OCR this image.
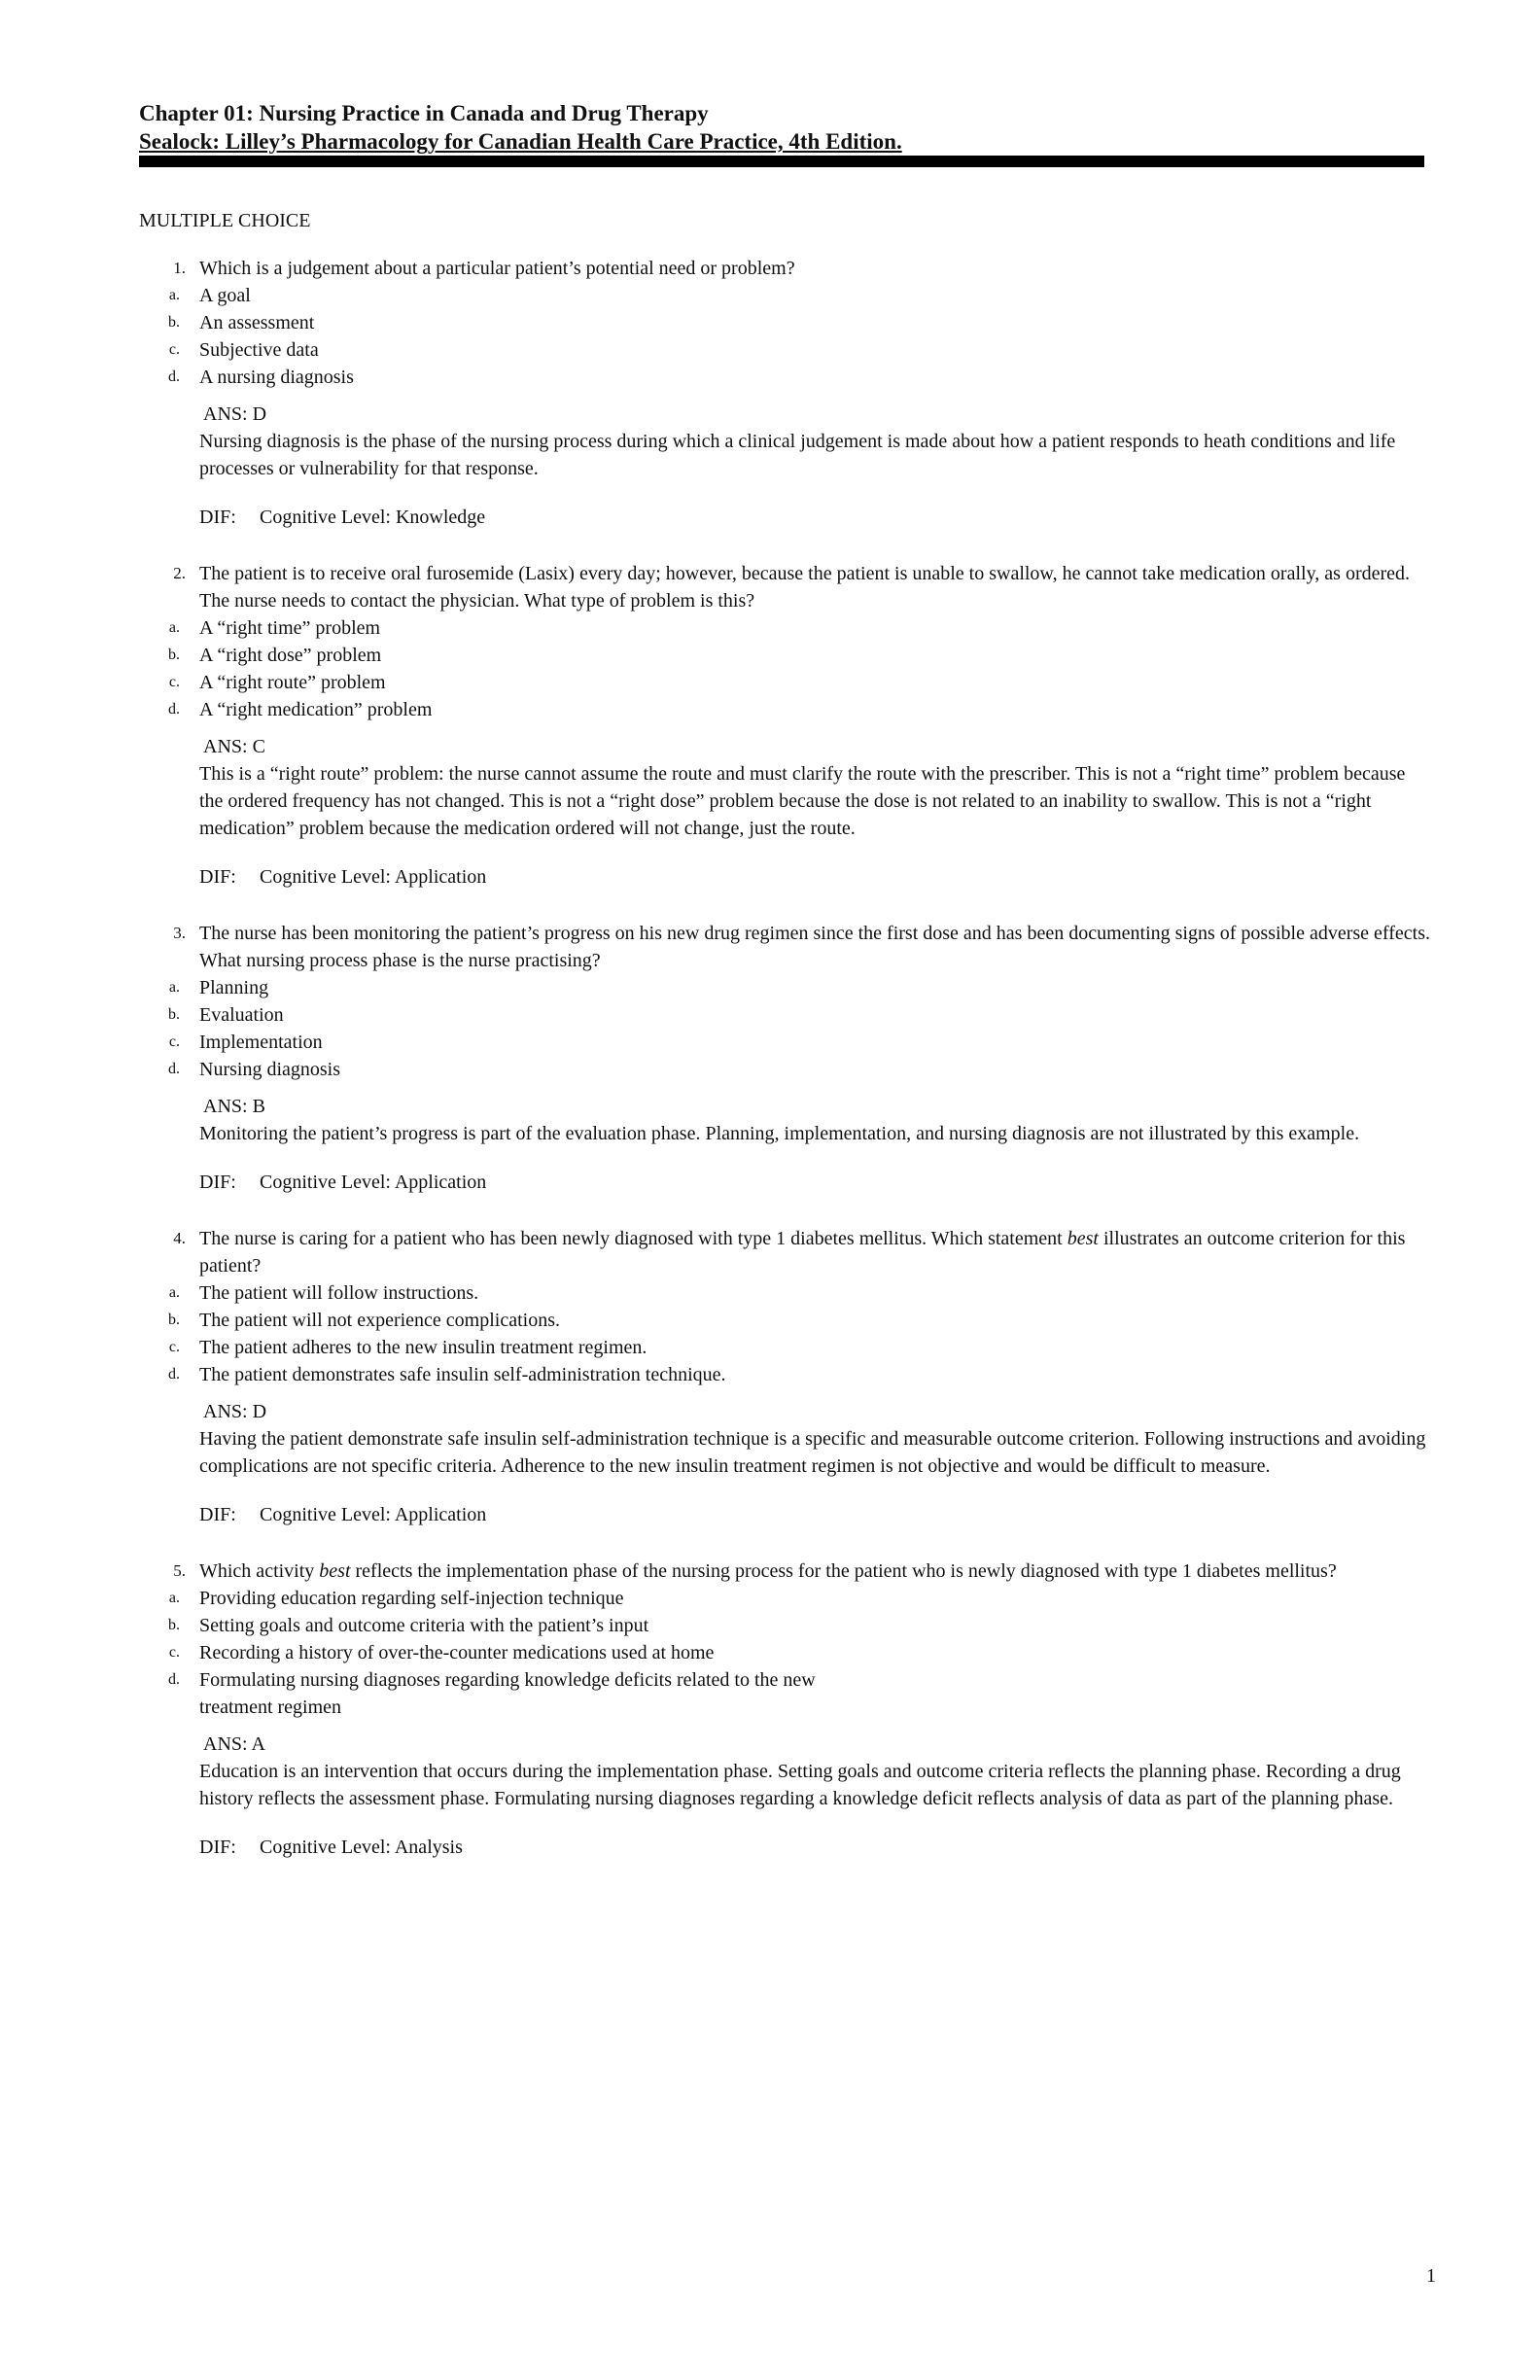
Chapter 01: Nursing Practice in Canada and Drug Therapy
Sealock: Lilley’s Pharmacology for Canadian Health Care Practice, 4th Edition.
MULTIPLE CHOICE
1. Which is a judgement about a particular patient’s potential need or problem?
a.	A goal
b.	An assessment
c.	Subjective data
d.	A nursing diagnosis
ANS: D
Nursing diagnosis is the phase of the nursing process during which a clinical judgement is made about how a patient responds to heath conditions and life processes or vulnerability for that response.
DIF: Cognitive Level: Knowledge
2. The patient is to receive oral furosemide (Lasix) every day; however, because the patient is unable to swallow, he cannot take medication orally, as ordered. The nurse needs to contact the physician. What type of problem is this?
a.	A “right time” problem
b.	A “right dose” problem
c.	A “right route” problem
d.	A “right medication” problem
ANS: C
This is a “right route” problem: the nurse cannot assume the route and must clarify the route with the prescriber. This is not a “right time” problem because the ordered frequency has not changed. This is not a “right dose” problem because the dose is not related to an inability to swallow. This is not a “right medication” problem because the medication ordered will not change, just the route.
DIF: Cognitive Level: Application
3. The nurse has been monitoring the patient’s progress on his new drug regimen since the first dose and has been documenting signs of possible adverse effects. What nursing process phase is the nurse practising?
a.	Planning
b.	Evaluation
c.	Implementation
d.	Nursing diagnosis
ANS: B
Monitoring the patient’s progress is part of the evaluation phase. Planning, implementation, and nursing diagnosis are not illustrated by this example.
DIF: Cognitive Level: Application
4. The nurse is caring for a patient who has been newly diagnosed with type 1 diabetes mellitus. Which statement best illustrates an outcome criterion for this patient?
a.	The patient will follow instructions.
b.	The patient will not experience complications.
c.	The patient adheres to the new insulin treatment regimen.
d.	The patient demonstrates safe insulin self-administration technique.
ANS: D
Having the patient demonstrate safe insulin self-administration technique is a specific and measurable outcome criterion. Following instructions and avoiding complications are not specific criteria. Adherence to the new insulin treatment regimen is not objective and would be difficult to measure.
DIF: Cognitive Level: Application
5. Which activity best reflects the implementation phase of the nursing process for the patient who is newly diagnosed with type 1 diabetes mellitus?
a.	Providing education regarding self-injection technique
b.	Setting goals and outcome criteria with the patient’s input
c.	Recording a history of over-the-counter medications used at home
d.	Formulating nursing diagnoses regarding knowledge deficits related to the new
treatment regimen
ANS: A
Education is an intervention that occurs during the implementation phase. Setting goals and outcome criteria reflects the planning phase. Recording a drug history reflects the assessment phase. Formulating nursing diagnoses regarding a knowledge deficit reflects analysis of data as part of the planning phase.
DIF: Cognitive Level: Analysis
1
